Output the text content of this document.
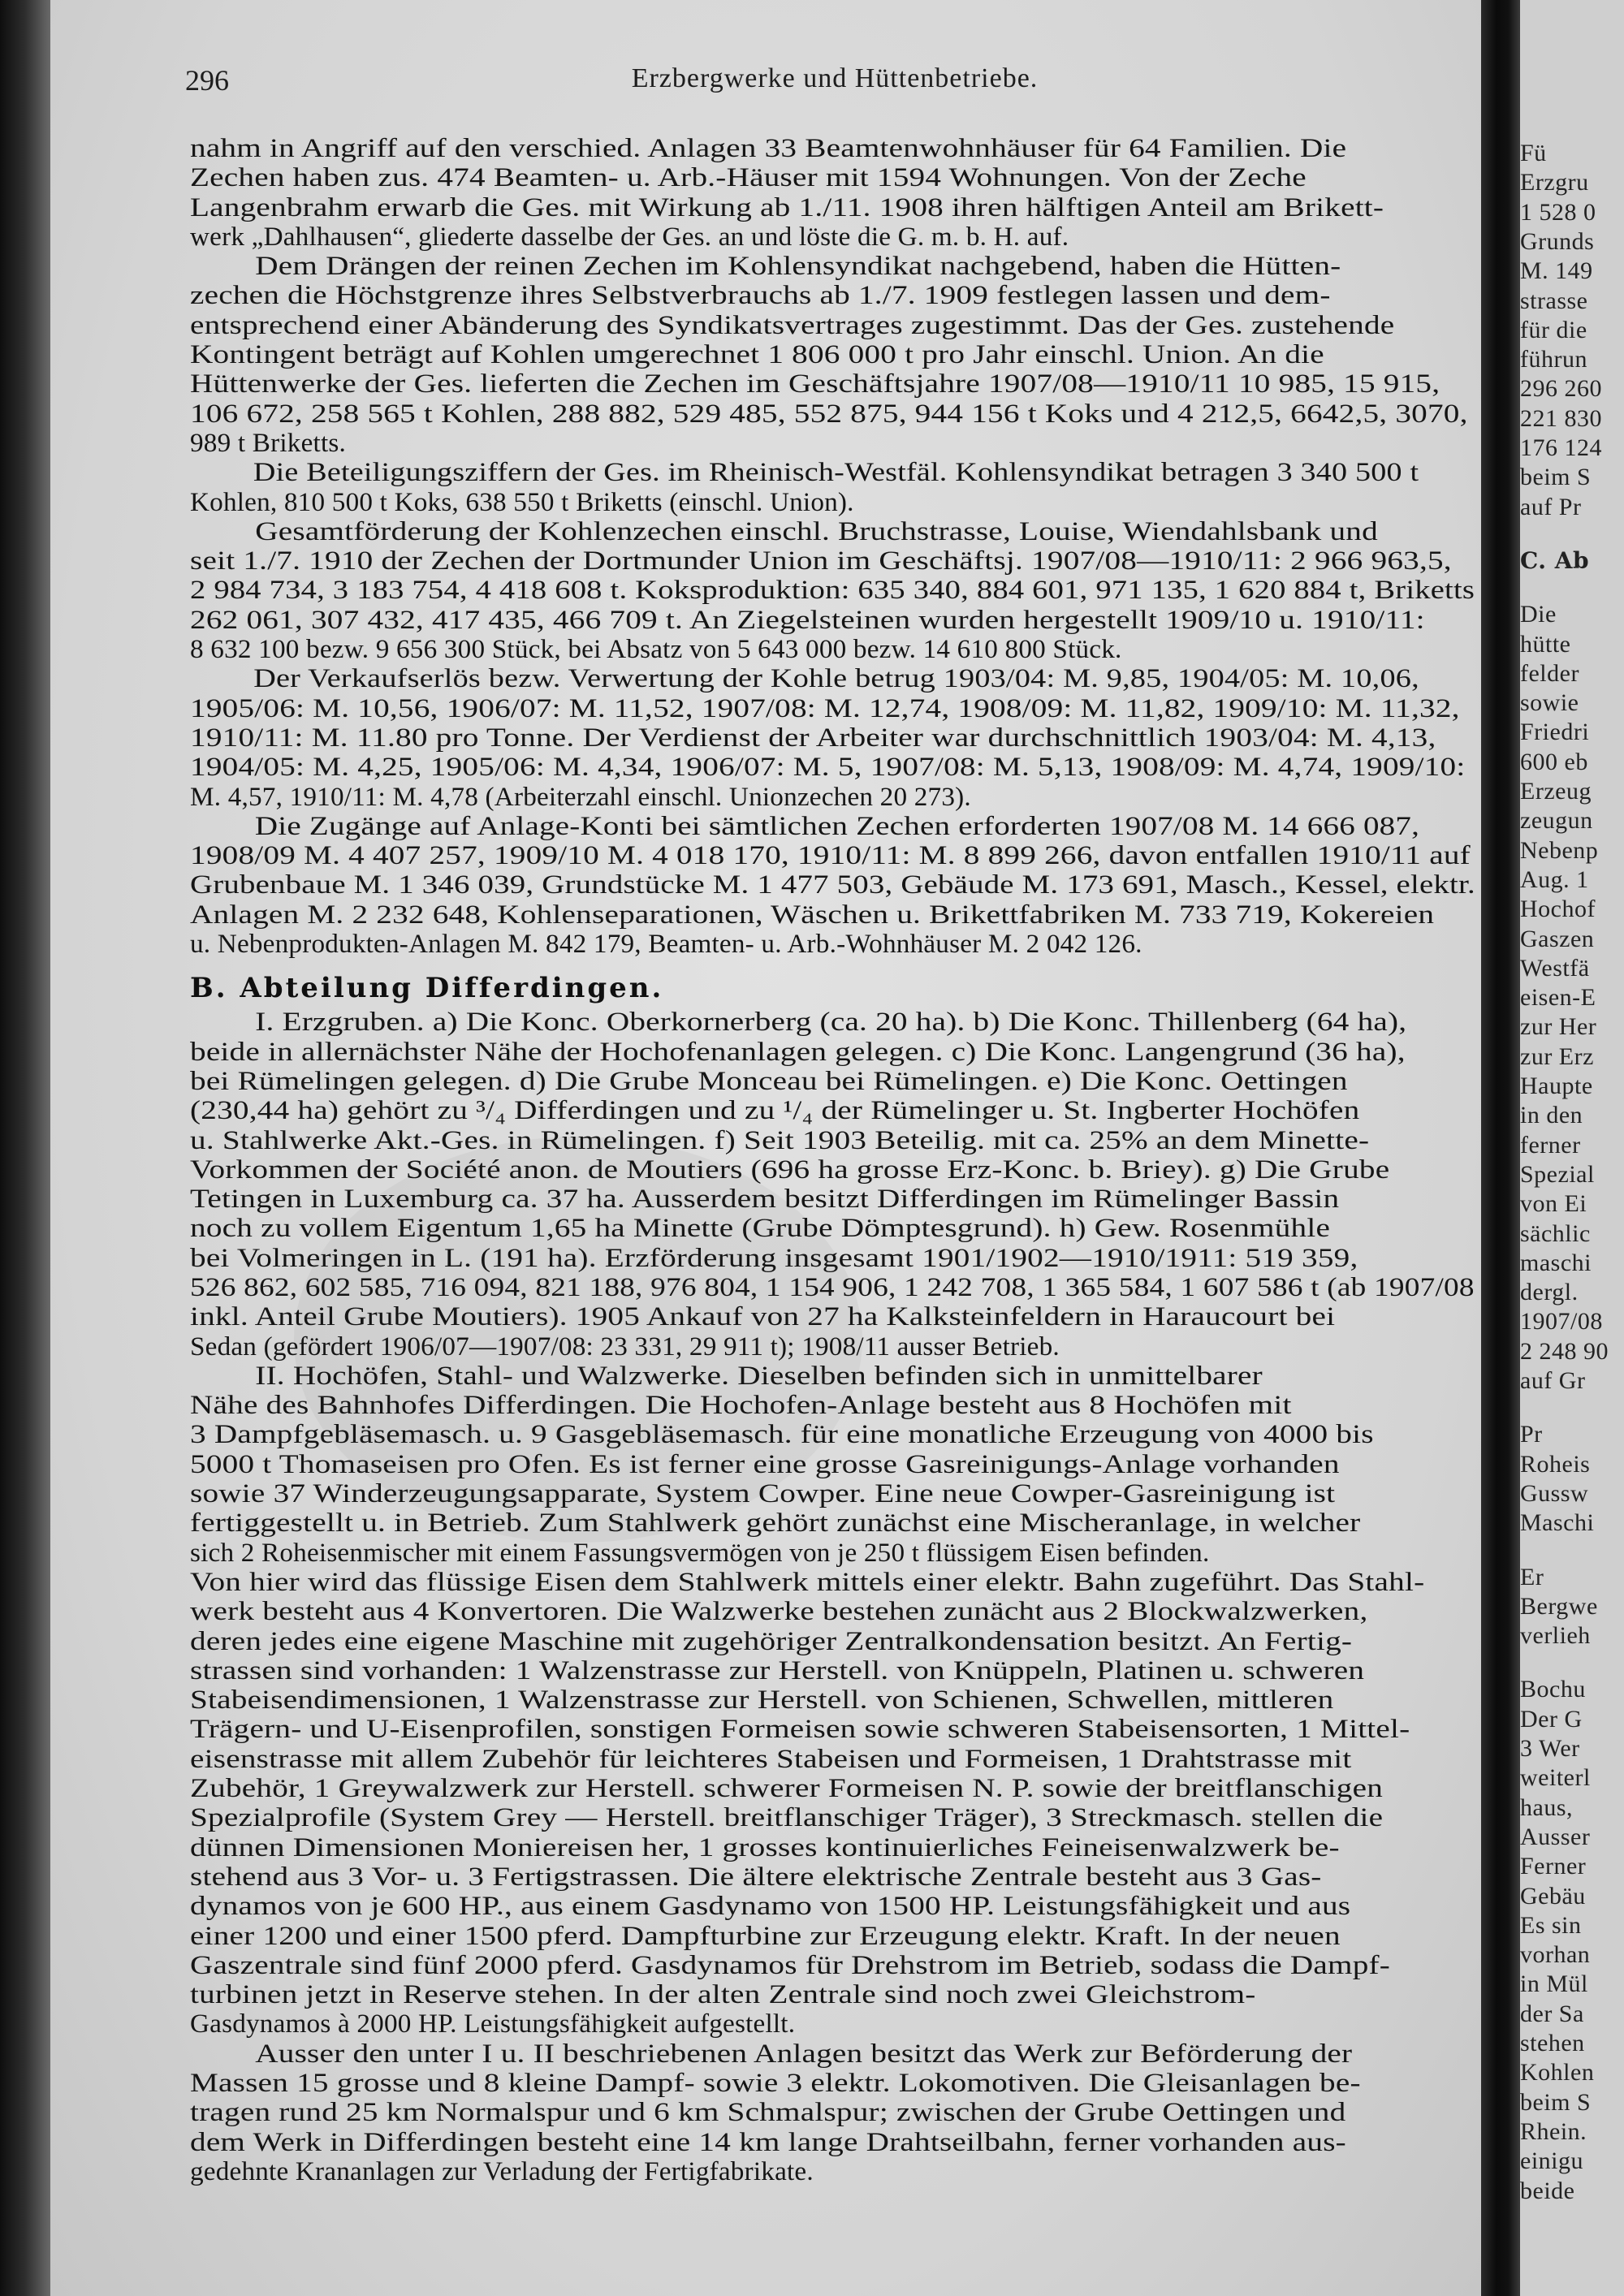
296	Erzbergwerke und Hüttenbetriebe.
nahm in Angriff auf den verschied. Anlagen 33 Beamtenwohnhäuser für 64 Familien. Die
Zechen haben zus. 474 Beamten- u. Arb.-Häuser mit 1594 Wohnungen. Von der Zeche
Langenbrahm erwarb die Ges. mit Wirkung ab 1./11. 1908 ihren hälftigen Anteil am Brikett-
werk „Dahlhausen“, gliederte dasselbe der Ges. an und löste die G. m. b. H. auf.
Dem Drängen der reinen Zechen im Kohlensyndikat nachgebend, haben die Hütten-
zechen die Höchstgrenze ihres Selbstverbrauchs ab 1./7. 1909 festlegen lassen und dem-
entsprechend einer Abänderung des Syndikatsvertrages zugestimmt. Das der Ges. zustehende
Kontingent beträgt auf Kohlen umgerechnet 1 806 000 t pro Jahr einschl. Union. An die
Hüttenwerke der Ges. lieferten die Zechen im Geschäftsjahre 1907/08—1910/11 10 985, 15 915,
106 672, 258 565 t Kohlen, 288 882, 529 485, 552 875, 944 156 t Koks und 4 212,5, 6642,5, 3070,
989 t Briketts.
Die Beteiligungsziffern der Ges. im Rheinisch-Westfäl. Kohlensyndikat betragen 3 340 500 t
Kohlen, 810 500 t Koks, 638 550 t Briketts (einschl. Union).
Gesamtförderung der Kohlenzechen einschl. Bruchstrasse, Louise, Wiendahlsbank und
seit 1./7. 1910 der Zechen der Dortmunder Union im Geschäftsj. 1907/08—1910/11: 2 966 963,5,
2 984 734, 3 183 754, 4 418 608 t. Koksproduktion: 635 340, 884 601, 971 135, 1 620 884 t, Briketts
262 061, 307 432, 417 435, 466 709 t. An Ziegelsteinen wurden hergestellt 1909/10 u. 1910/11:
8 632 100 bezw. 9 656 300 Stück, bei Absatz von 5 643 000 bezw. 14 610 800 Stück.
Der Verkaufserlös bezw. Verwertung der Kohle betrug 1903/04: M. 9,85, 1904/05: M. 10,06,
1905/06: M. 10,56, 1906/07: M. 11,52, 1907/08: M. 12,74, 1908/09: M. 11,82, 1909/10: M. 11,32,
1910/11: M. 11.80 pro Tonne. Der Verdienst der Arbeiter war durchschnittlich 1903/04: M. 4,13,
1904/05: M. 4,25, 1905/06: M. 4,34, 1906/07: M. 5, 1907/08: M. 5,13, 1908/09: M. 4,74, 1909/10:
M. 4,57, 1910/11: M. 4,78 (Arbeiterzahl einschl. Unionzechen 20 273).
Die Zugänge auf Anlage-Konti bei sämtlichen Zechen erforderten 1907/08 M. 14 666 087,
1908/09 M. 4 407 257, 1909/10 M. 4 018 170, 1910/11: M. 8 899 266, davon entfallen 1910/11 auf
Grubenbaue M. 1 346 039, Grundstücke M. 1 477 503, Gebäude M. 173 691, Masch., Kessel, elektr.
Anlagen M. 2 232 648, Kohlenseparationen, Wäschen u. Brikettfabriken M. 733 719, Kokereien
u. Nebenprodukten-Anlagen M. 842 179, Beamten- u. Arb.-Wohnhäuser M. 2 042 126.
B. Abteilung Differdingen.
I. Erzgruben. a) Die Konc. Oberkornerberg (ca. 20 ha). b) Die Konc. Thillenberg (64 ha),
beide in allernächster Nähe der Hochofenanlagen gelegen. c) Die Konc. Langengrund (36 ha),
bei Rümelingen gelegen. d) Die Grube Monceau bei Rümelingen. e) Die Konc. Oettingen
(230,44 ha) gehört zu ³/₄ Differdingen und zu ¹/₄ der Rümelinger u. St. Ingberter Hochöfen
u. Stahlwerke Akt.-Ges. in Rümelingen. f) Seit 1903 Beteilig. mit ca. 25% an dem Minette-
Vorkommen der Société anon. de Moutiers (696 ha grosse Erz-Konc. b. Briey). g) Die Grube
Tetingen in Luxemburg ca. 37 ha. Ausserdem besitzt Differdingen im Rümelinger Bassin
noch zu vollem Eigentum 1,65 ha Minette (Grube Dömptesgrund). h) Gew. Rosenmühle
bei Volmeringen in L. (191 ha). Erzförderung insgesamt 1901/1902—1910/1911: 519 359,
526 862, 602 585, 716 094, 821 188, 976 804, 1 154 906, 1 242 708, 1 365 584, 1 607 586 t (ab 1907/08
inkl. Anteil Grube Moutiers). 1905 Ankauf von 27 ha Kalksteinfeldern in Haraucourt bei
Sedan (gefördert 1906/07—1907/08: 23 331, 29 911 t); 1908/11 ausser Betrieb.
II. Hochöfen, Stahl- und Walzwerke. Dieselben befinden sich in unmittelbarer
Nähe des Bahnhofes Differdingen. Die Hochofen-Anlage besteht aus 8 Hochöfen mit
3 Dampfgebläsemasch. u. 9 Gasgebläsemasch. für eine monatliche Erzeugung von 4000 bis
5000 t Thomaseisen pro Ofen. Es ist ferner eine grosse Gasreinigungs-Anlage vorhanden
sowie 37 Winderzeugungsapparate, System Cowper. Eine neue Cowper-Gasreinigung ist
fertiggestellt u. in Betrieb. Zum Stahlwerk gehört zunächst eine Mischeranlage, in welcher
sich 2 Roheisenmischer mit einem Fassungsvermögen von je 250 t flüssigem Eisen befinden.
Von hier wird das flüssige Eisen dem Stahlwerk mittels einer elektr. Bahn zugeführt. Das Stahl-
werk besteht aus 4 Konvertoren. Die Walzwerke bestehen zunächt aus 2 Blockwalzwerken,
deren jedes eine eigene Maschine mit zugehöriger Zentralkondensation besitzt. An Fertig-
strassen sind vorhanden: 1 Walzenstrasse zur Herstell. von Knüppeln, Platinen u. schweren
Stabeisendimensionen, 1 Walzenstrasse zur Herstell. von Schienen, Schwellen, mittleren
Trägern- und U-Eisenprofilen, sonstigen Formeisen sowie schweren Stabeisensorten, 1 Mittel-
eisenstrasse mit allem Zubehör für leichteres Stabeisen und Formeisen, 1 Drahtstrasse mit
Zubehör, 1 Greywalzwerk zur Herstell. schwerer Formeisen N. P. sowie der breitflanschigen
Spezialprofile (System Grey — Herstell. breitflanschiger Träger), 3 Streckmasch. stellen die
dünnen Dimensionen Moniereisen her, 1 grosses kontinuierliches Feineisenwalzwerk be-
stehend aus 3 Vor- u. 3 Fertigstrassen. Die ältere elektrische Zentrale besteht aus 3 Gas-
dynamos von je 600 HP., aus einem Gasdynamo von 1500 HP. Leistungsfähigkeit und aus
einer 1200 und einer 1500 pferd. Dampfturbine zur Erzeugung elektr. Kraft. In der neuen
Gaszentrale sind fünf 2000 pferd. Gasdynamos für Drehstrom im Betrieb, sodass die Dampf-
turbinen jetzt in Reserve stehen. In der alten Zentrale sind noch zwei Gleichstrom-
Gasdynamos à 2000 HP. Leistungsfähigkeit aufgestellt.
Ausser den unter I u. II beschriebenen Anlagen besitzt das Werk zur Beförderung der
Massen 15 grosse und 8 kleine Dampf- sowie 3 elektr. Lokomotiven. Die Gleisanlagen be-
tragen rund 25 km Normalspur und 6 km Schmalspur; zwischen der Grube Oettingen und
dem Werk in Differdingen besteht eine 14 km lange Drahtseilbahn, ferner vorhanden aus-
gedehnte Krananlagen zur Verladung der Fertigfabrikate.
Fü
Erzgru
1 528 0
Grunds
M. 149
strasse
für die
führun
296 260
221 830
176 124
beim S
auf Pr
C. Ab
Die
hütte
felder
sowie
Friedri
600 eb
Erzeug
zeugun
Nebenp
Aug. 1
Hochof
Gaszen
Westfä
eisen-E
zur Her
zur Erz
Haupte
in den
ferner
Spezial
von Ei
sächlic
maschi
dergl.
1907/08
2 248 90
auf Gr
Pr
Roheis
Gussw
Maschi
Er
Bergwe
verlieh
Bochu
Der G
3 Wer
weiterl
haus,
Ausser
Ferner
Gebäu
Es sin
vorhan
in Mül
der Sa
stehen
Kohlen
beim S
Rhein.
einigu
beide
